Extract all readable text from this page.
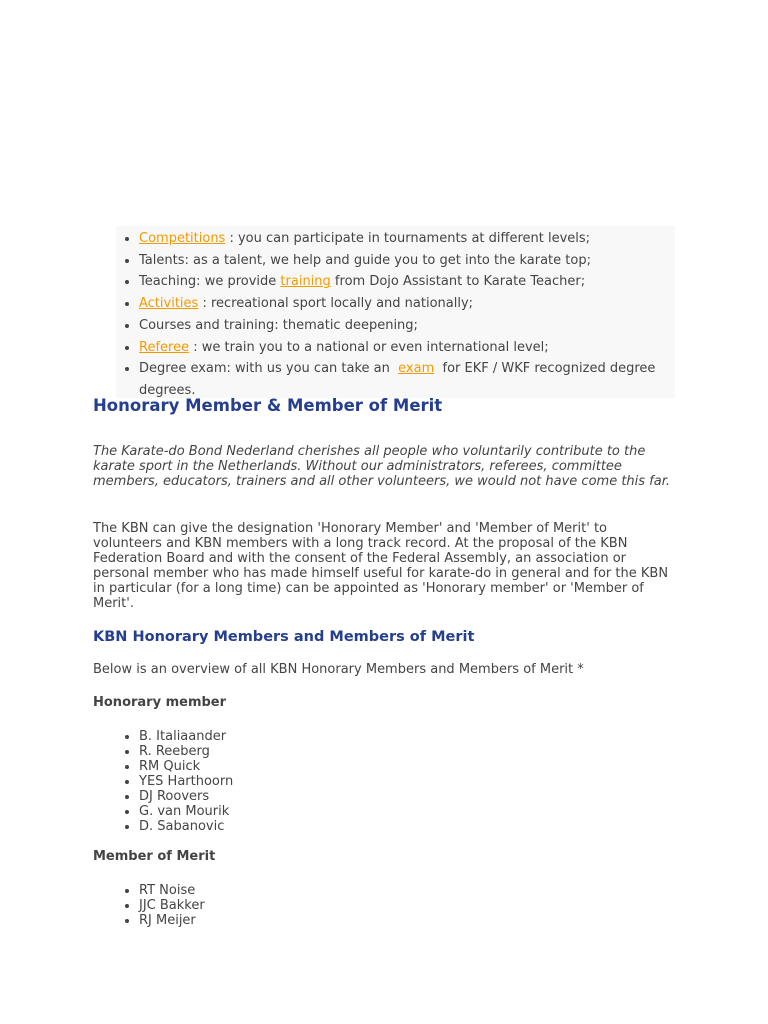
• Competitions : you can participate in tournaments at different levels;
• Talents: as a talent, we help and guide you to get into the karate top;
• Teaching: we provide training from Dojo Assistant to Karate Teacher;
• Activities : recreational sport locally and nationally;
• Courses and training: thematic deepening;
• Referee : we train you to a national or even international level;
• Degree exam: with us you can take an  exam  for EKF / WKF recognized degree degrees.
Honorary Member & Member of Merit

The Karate-do Bond Nederland cherishes all people who voluntarily contribute to the karate sport in the Netherlands. Without our administrators, referees, committee members, educators, trainers and all other volunteers, we would not have come this far.

The KBN can give the designation 'Honorary Member' and 'Member of Merit' to volunteers and KBN members with a long track record. At the proposal of the KBN Federation Board and with the consent of the Federal Assembly, an association or personal member who has made himself useful for karate-do in general and for the KBN in particular (for a long time) can be appointed as 'Honorary member' or 'Member of Merit'.

KBN Honorary Members and Members of Merit

Below is an overview of all KBN Honorary Members and Members of Merit *

Honorary member

• B. Italiaander
• R. Reeberg
• RM Quick
• YES Harthoorn
• DJ Roovers
• G. van Mourik
• D. Sabanovic

Member of Merit

• RT Noise
• JJC Bakker
• RJ Meijer
